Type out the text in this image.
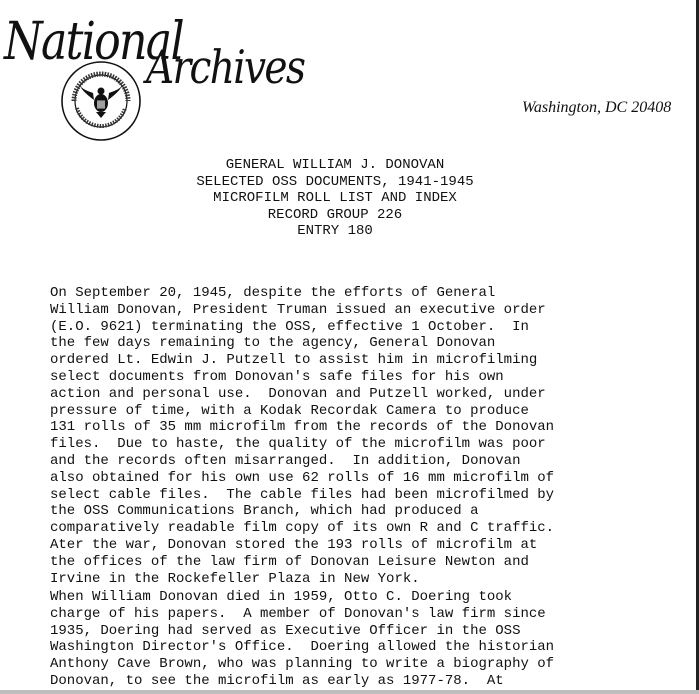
National
Archives
Washington, DC 20408
GENERAL WILLIAM J. DONOVAN
SELECTED OSS DOCUMENTS, 1941-1945
MICROFILM ROLL LIST AND INDEX
RECORD GROUP 226
ENTRY 180
On September 20, 1945, despite the efforts of General
William Donovan, President Truman issued an executive order
(E.O. 9621) terminating the OSS, effective 1 October.  In
the few days remaining to the agency, General Donovan
ordered Lt. Edwin J. Putzell to assist him in microfilming
select documents from Donovan's safe files for his own
action and personal use.  Donovan and Putzell worked, under
pressure of time, with a Kodak Recordak Camera to produce
131 rolls of 35 mm microfilm from the records of the Donovan
files.  Due to haste, the quality of the microfilm was poor
and the records often misarranged.  In addition, Donovan
also obtained for his own use 62 rolls of 16 mm microfilm of
select cable files.  The cable files had been microfilmed by
the OSS Communications Branch, which had produced a
comparatively readable film copy of its own R and C traffic.
Ater the war, Donovan stored the 193 rolls of microfilm at
the offices of the law firm of Donovan Leisure Newton and
Irvine in the Rockefeller Plaza in New York.
When William Donovan died in 1959, Otto C. Doering took
charge of his papers.  A member of Donovan's law firm since
1935, Doering had served as Executive Officer in the OSS
Washington Director's Office.  Doering allowed the historian
Anthony Cave Brown, who was planning to write a biography of
Donovan, to see the microfilm as early as 1977-78.  At
